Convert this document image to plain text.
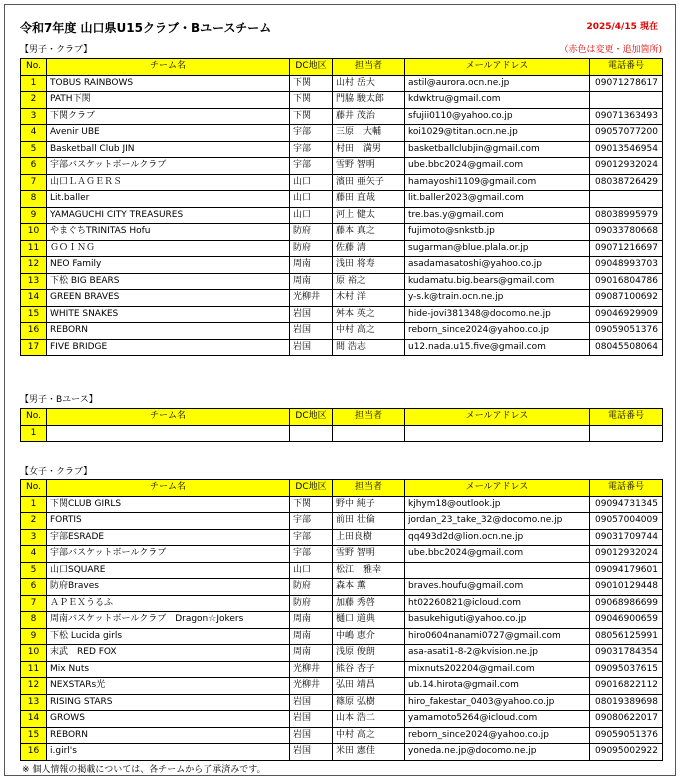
令和7年度 山口県U15クラブ・Bユースチーム	2025/4/15 現在
（赤色は変更・追加箇所)
【男子・クラブ】
No.	チーム名	DC地区	担当者	メールアドレス	電話番号
1	TOBUS RAINBOWS	下関	山村 岳大	astil@aurora.ocn.ne.jp	09071278617
2	PATH下関	下関	門脇 駿太郎	kdwktru@gmail.com	
3	下関クラブ	下関	藤井 茂治	sfujii0110@yahoo.co.jp	09071363493
4	Avenir UBE	宇部	三原　大輔	koi1029@titan.ocn.ne.jp	09057077200
5	Basketball Club JIN	宇部	村田　満男	basketballclubjin@gmail.com	09013546954
6	宇部バスケットボールクラブ	宇部	雪野 智明	ube.bbc2024@gmail.com	09012932024
7	山口ＬＡＧＥＲＳ	山口	濱田 亜矢子	hamayoshi1109@gmail.com	08038726429
8	Lit.baller	山口	藤田 直哉	lit.baller2023@gmail.com	
9	YAMAGUCHI CITY TREASURES	山口	河上 健太	tre.bas.y@gmail.com	08038995979
10	やまぐちTRINITAS Hofu	防府	藤本 真之	fujimoto@snkstb.jp	09033780668
11	ＧＯＩＮＧ	防府	佐藤 清	sugarman@blue.plala.or.jp	09071216697
12	NEO Family	周南	浅田 将寿	asadamasatoshi@yahoo.co.jp	09048993703
13	下松 BIG BEARS	周南	原 裕之	kudamatu.big.bears@gmail.com	09016804786
14	GREEN BRAVES	光柳井	木村 洋	y-s.k@train.ocn.ne.jp	09087100692
15	WHITE SNAKES	岩国	舛本 英之	hide-jovi381348@docomo.ne.jp	09046929909
16	REBORN	岩国	中村 高之	reborn_since2024@yahoo.co.jp	09059051376
17	FIVE BRIDGE	岩国	間 浩志	u12.nada.u15.five@gmail.com	08045508064
【男子・Bユース】
No.	チーム名	DC地区	担当者	メールアドレス	電話番号
1					
【女子・クラブ】
No.	チーム名	DC地区	担当者	メールアドレス	電話番号
1	下関CLUB GIRLS	下関	野中 純子	kjhym18@outlook.jp	09094731345
2	FORTIS	宇部	前田 壮倫	jordan_23_take_32@docomo.ne.jp	09057004009
3	宇部ESRADE	宇部	上田良樹	qq493d2d@lion.ocn.ne.jp	09031709744
4	宇部バスケットボールクラブ	宇部	雪野 智明	ube.bbc2024@gmail.com	09012932024
5	山口SQUARE	山口	松江　雅幸		09094179601
6	防府Braves	防府	森本 薫	braves.houfu@gmail.com	09010129448
7	ＡＰＥＸうるふ	防府	加藤 秀啓	ht02260821@icloud.com	09068986699
8	周南バスケットボールクラブ　Dragon☆Jokers	周南	樋口 道典	basukehiguti@yahoo.co.jp	09046900659
9	下松 Lucida girls	周南	中嶋 恵介	hiro0604nanami0727@gmail.com	08056125991
10	末武　RED FOX	周南	浅原 俊朗	asa-asati1-8-2@kvision.ne.jp	09031784354
11	Mix Nuts	光柳井	熊谷 杏子	mixnuts202204@gmail.com	09095037615
12	NEXSTARs光	光柳井	弘田 靖昌	ub.14.hirota@gmail.com	09016822112
13	RISING STARS	岩国	篠原 弘樹	hiro_fakestar_0403@yahoo.co.jp	08019389698
14	GROWS	岩国	山本 浩二	yamamoto5264@icloud.com	09080622017
15	REBORN	岩国	中村 高之	reborn_since2024@yahoo.co.jp	09059051376
16	i.girl's	岩国	米田 憲佳	yoneda.ne.jp@docomo.ne.jp	09095002922
※ 個人情報の掲載については、各チームから了承済みです。
